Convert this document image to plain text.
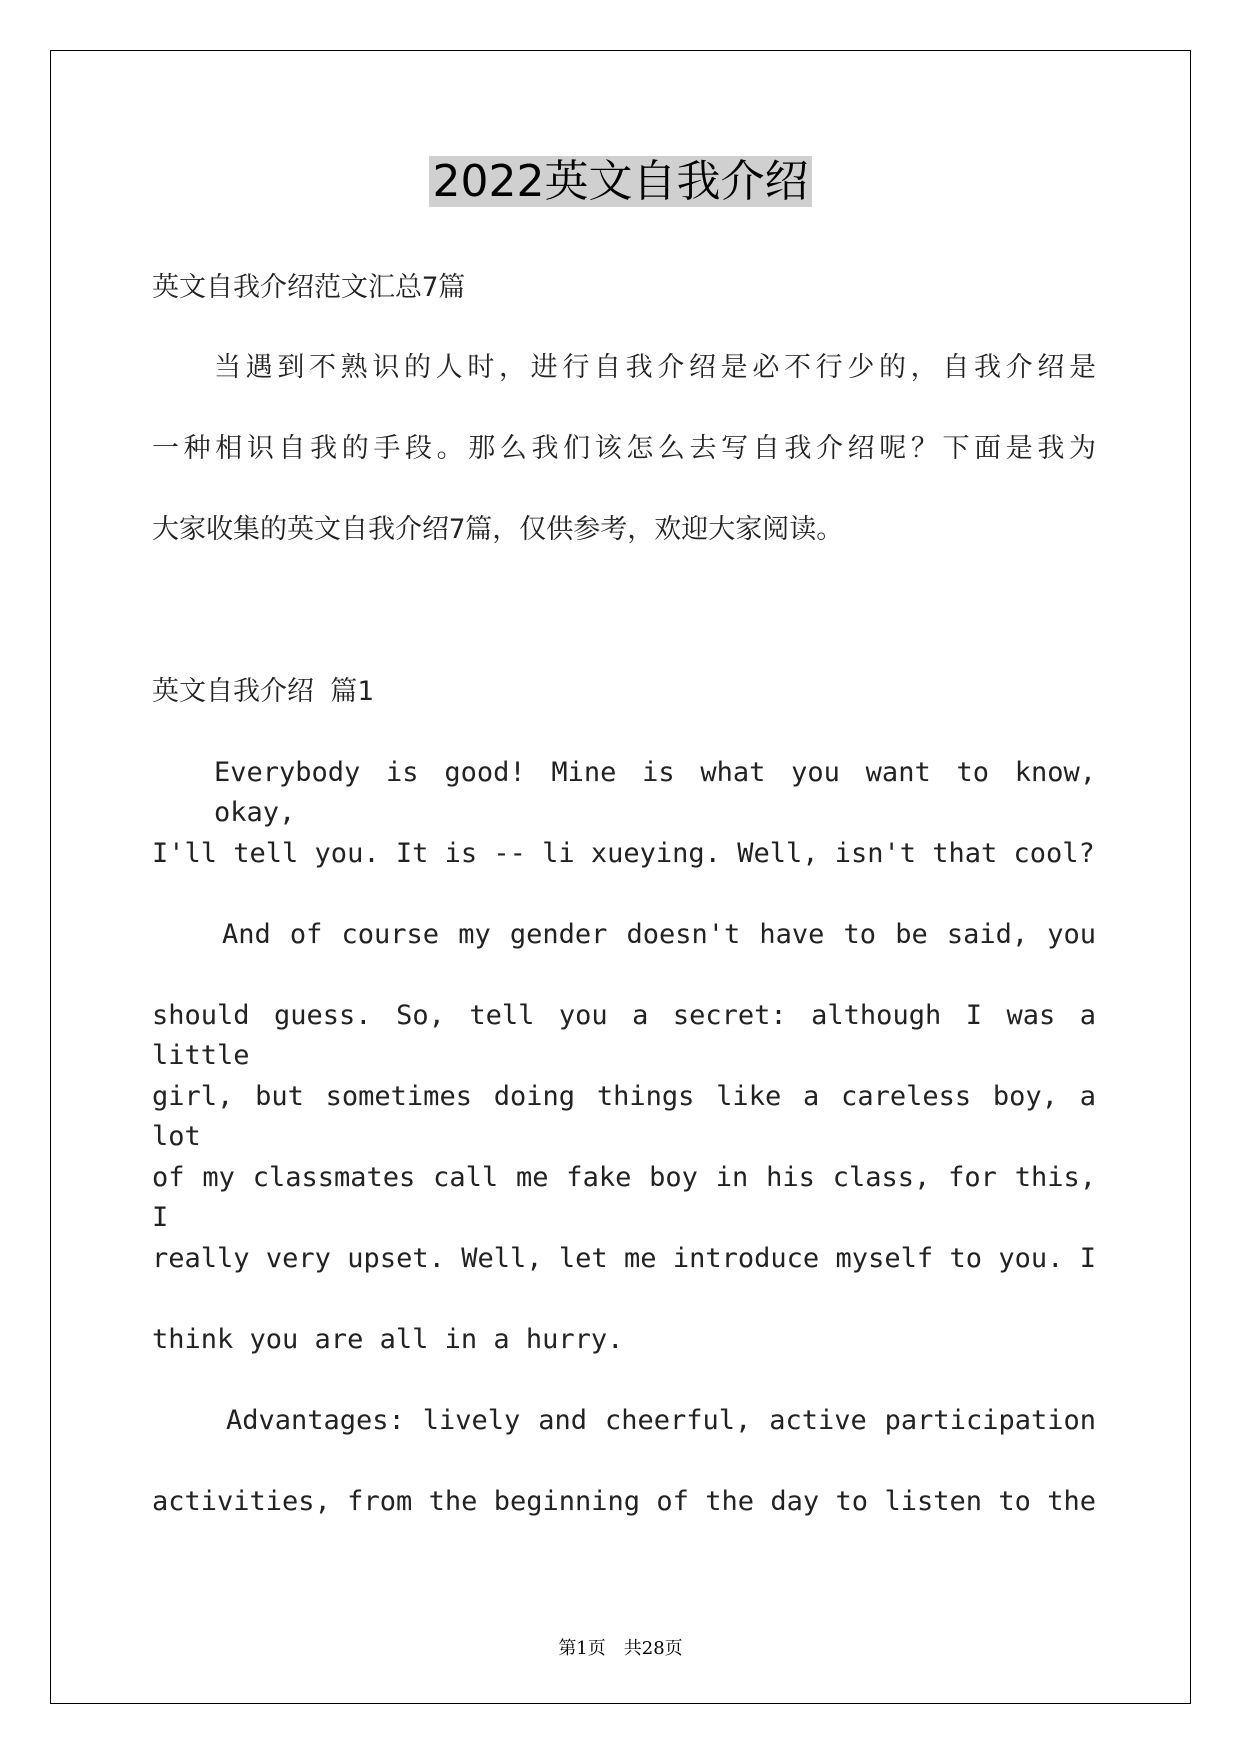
2022英文自我介绍

英文自我介绍范文汇总7篇

当遇到不熟识的人时，进行自我介绍是必不行少的，自我介绍是

一种相识自我的手段。那么我们该怎么去写自我介绍呢？下面是我为

大家收集的英文自我介绍7篇，仅供参考，欢迎大家阅读。

英文自我介绍 篇1

Everybody is good! Mine is what you want to know, okay,

I'll tell you. It is -- li xueying. Well, isn't that cool?

And of course my gender doesn't have to be said, you

should guess. So, tell you a secret: although I was a little

girl, but sometimes doing things like a careless boy, a lot

of my classmates call me fake boy in his class, for this, I

really very upset. Well, let me introduce myself to you. I

think you are all in a hurry.

Advantages: lively and cheerful, active participation

activities, from the beginning of the day to listen to the

第1页　共28页
